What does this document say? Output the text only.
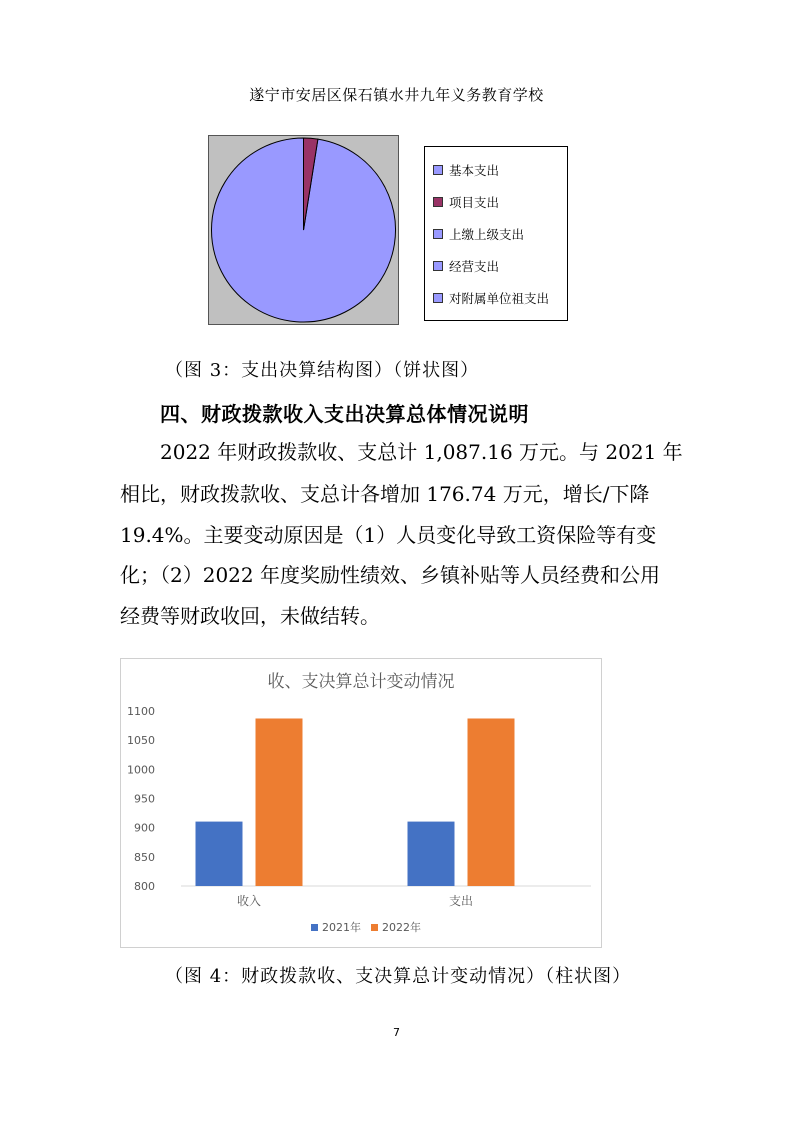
遂宁市安居区保石镇水井九年义务教育学校
基本支出
项目支出
上缴上级支出
经营支出
对附属单位祖支出
（图 3：支出决算结构图）（饼状图）
四、财政拨款收入支出决算总体情况说明
2022 年财政拨款收、支总计 1,087.16 万元。与 2021 年
相比，财政拨款收、支总计各增加 176.74 万元，增长/下降
19.4%。主要变动原因是（1）人员变化导致工资保险等有变
化；（2）2022 年度奖励性绩效、乡镇补贴等人员经费和公用
经费等财政收回，未做结转。
收、支决算总计变动情况
800
850
900
950
1000
1050
1100
收入	支出
2021年 2022年
（图 4：财政拨款收、支决算总计变动情况）（柱状图）
7
